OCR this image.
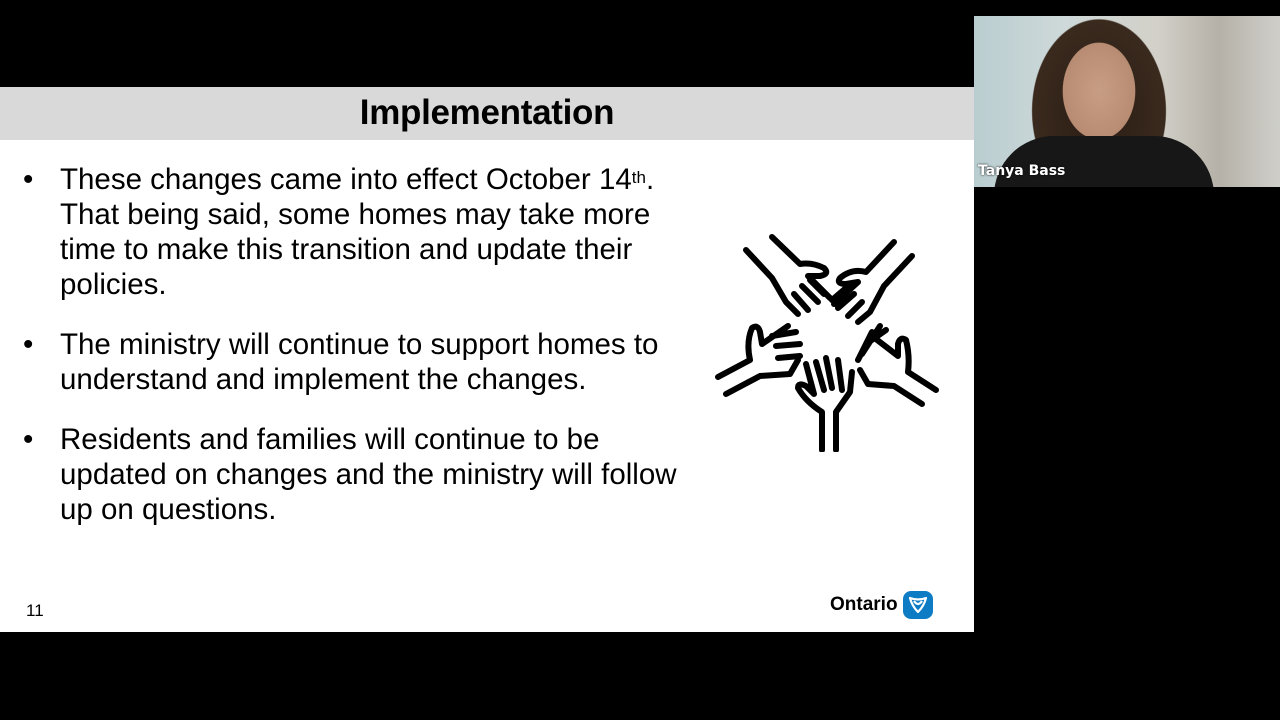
Implementation
• These changes came into effect October 14th. That being said, some homes may take more time to make this transition and update their policies.
• The ministry will continue to support homes to understand and implement the changes.
• Residents and families will continue to be updated on changes and the ministry will follow up on questions.
11	Ontario
Tanya Bass
